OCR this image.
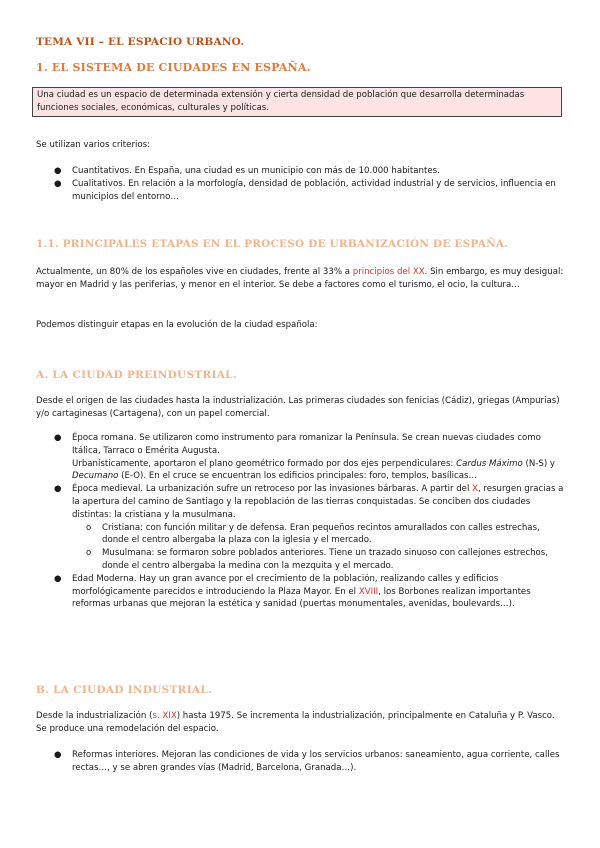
TEMA VII – EL ESPACIO URBANO.
1. EL SISTEMA DE CIUDADES EN ESPAÑA.
Una ciudad es un espacio de determinada extensión y cierta densidad de población que desarrolla determinadas funciones sociales, económicas, culturales y políticas.
Se utilizan varios criterios:
● Cuantitativos. En España, una ciudad es un municipio con más de 10.000 habitantes.
● Cualitativos. En relación a la morfología, densidad de población, actividad industrial y de servicios, influencia en municipios del entorno…
1.1. PRINCIPALES ETAPAS EN EL PROCESO DE URBANIZACIÓN DE ESPAÑA.
Actualmente, un 80% de los españoles vive en ciudades, frente al 33% a principios del XX. Sin embargo, es muy desigual: mayor en Madrid y las periferias, y menor en el interior. Se debe a factores como el turismo, el ocio, la cultura…
Podemos distinguir etapas en la evolución de la ciudad española:
A. LA CIUDAD PREINDUSTRIAL.
Desde el origen de las ciudades hasta la industrialización. Las primeras ciudades son fenicias (Cádiz), griegas (Ampurias) y/o cartaginesas (Cartagena), con un papel comercial.
● Época romana. Se utilizaron como instrumento para romanizar la Península. Se crean nuevas ciudades como Itálica, Tarraco o Emérita Augusta.
Urbanísticamente, aportaron el plano geométrico formado por dos ejes perpendiculares: Cardus Máximo (N-S) y Decumano (E-O). En el cruce se encuentran los edificios principales: foro, templos, basílicas…
● Época medieval. La urbanización sufre un retroceso por las invasiones bárbaras. A partir del X, resurgen gracias a la apertura del camino de Santiago y la repoblación de las tierras conquistadas. Se conciben dos ciudades distintas: la cristiana y la musulmana.
o Cristiana: con función militar y de defensa. Eran pequeños recintos amurallados con calles estrechas, donde el centro albergaba la plaza con la iglesia y el mercado.
o Musulmana: se formaron sobre poblados anteriores. Tiene un trazado sinuoso con callejones estrechos, donde el centro albergaba la medina con la mezquita y el mercado.
● Edad Moderna. Hay un gran avance por el crecimiento de la población, realizando calles y edificios morfológicamente parecidos e introduciendo la Plaza Mayor. En el XVIII, los Borbones realizan importantes reformas urbanas que mejoran la estética y sanidad (puertas monumentales, avenidas, boulevards…).
B. LA CIUDAD INDUSTRIAL.
Desde la industrialización (s. XIX) hasta 1975. Se incrementa la industrialización, principalmente en Cataluña y P. Vasco. Se produce una remodelación del espacio.
● Reformas interiores. Mejoran las condiciones de vida y los servicios urbanos: saneamiento, agua corriente, calles rectas…, y se abren grandes vías (Madrid, Barcelona, Granada…).
